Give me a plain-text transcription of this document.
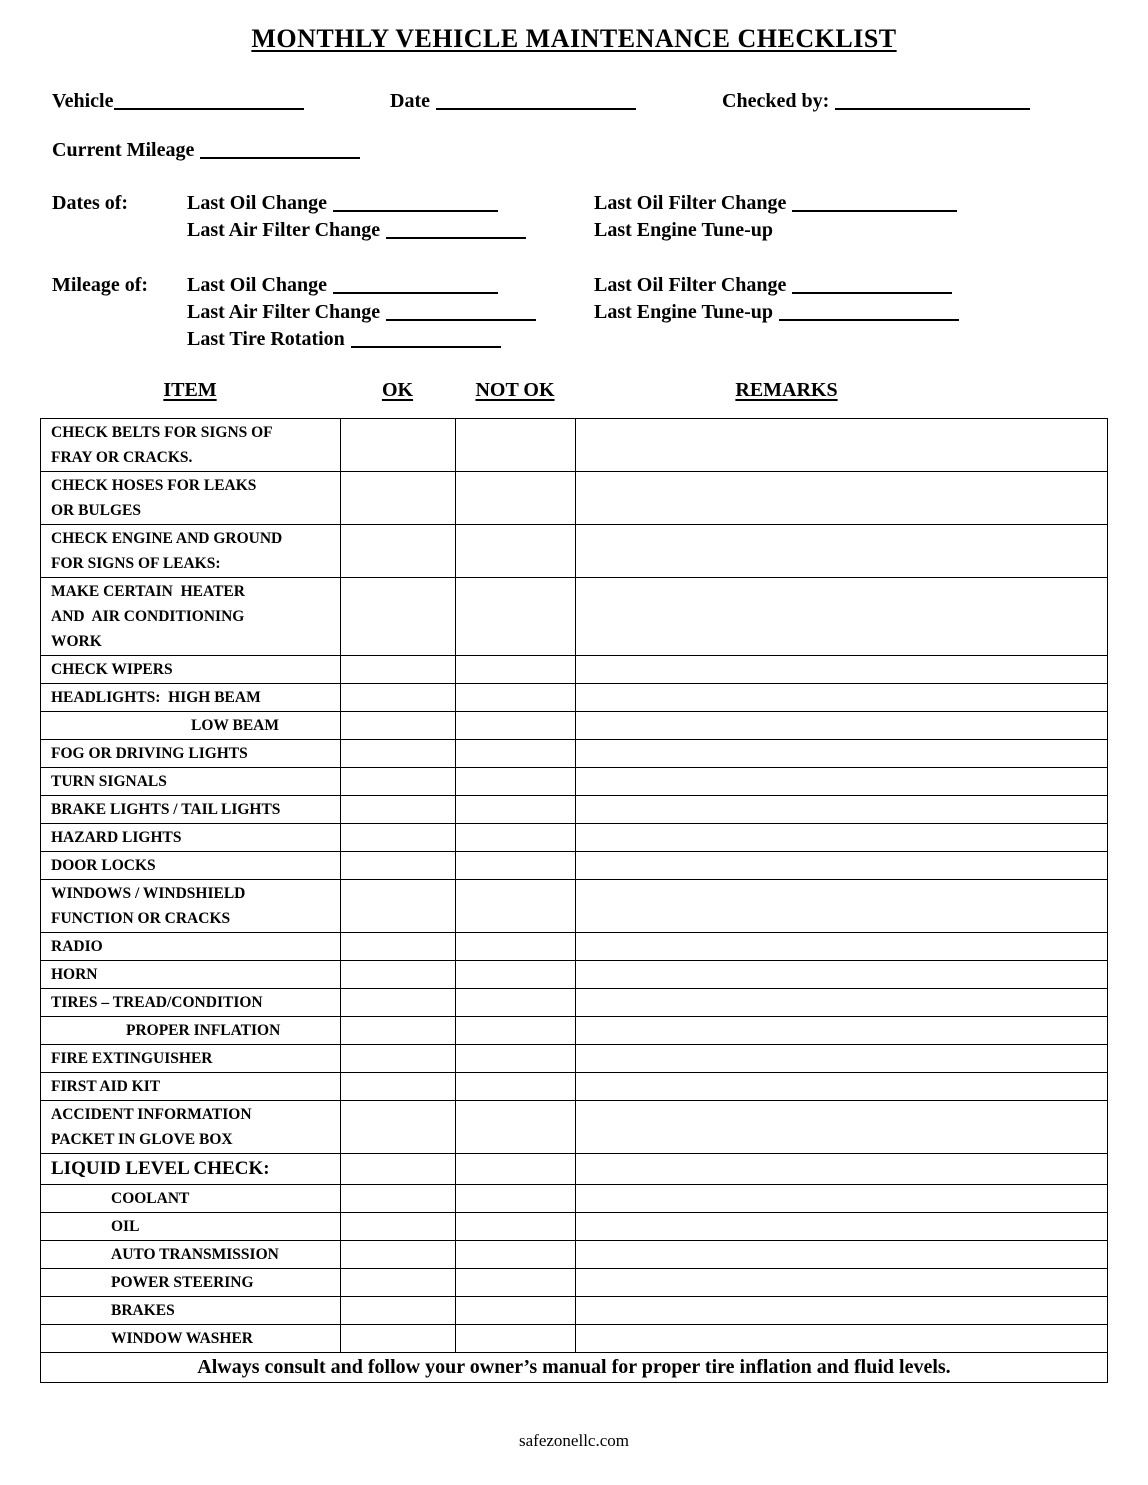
MONTHLY VEHICLE MAINTENANCE CHECKLIST
Vehicle	Date	Checked by:
Current Mileage
Dates of:	Last Oil Change	Last Oil Filter Change
Last Air Filter Change	Last Engine Tune-up
Mileage of:	Last Oil Change	Last Oil Filter Change
Last Air Filter Change	Last Engine Tune-up
Last Tire Rotation
ITEM	OK	NOT OK	REMARKS
CHECK BELTS FOR SIGNS OF
FRAY OR CRACKS.			

CHECK HOSES FOR LEAKS
OR BULGES			

CHECK ENGINE AND GROUND
FOR SIGNS OF LEAKS:			

MAKE CERTAIN  HEATER
AND  AIR CONDITIONING
WORK			

CHECK WIPERS			

HEADLIGHTS:  HIGH BEAM			

LOW BEAM			

FOG OR DRIVING LIGHTS			

TURN SIGNALS			

BRAKE LIGHTS / TAIL LIGHTS			

HAZARD LIGHTS			

DOOR LOCKS			

WINDOWS / WINDSHIELD
FUNCTION OR CRACKS			

RADIO			

HORN			

TIRES – TREAD/CONDITION			

PROPER INFLATION			

FIRE EXTINGUISHER			

FIRST AID KIT			

ACCIDENT INFORMATION
PACKET IN GLOVE BOX			

LIQUID LEVEL CHECK:			

COOLANT			

OIL			

AUTO TRANSMISSION			

POWER STEERING			

BRAKES			

WINDOW WASHER			

Always consult and follow your owner’s manual for proper tire inflation and fluid levels.			
safezonellc.com
